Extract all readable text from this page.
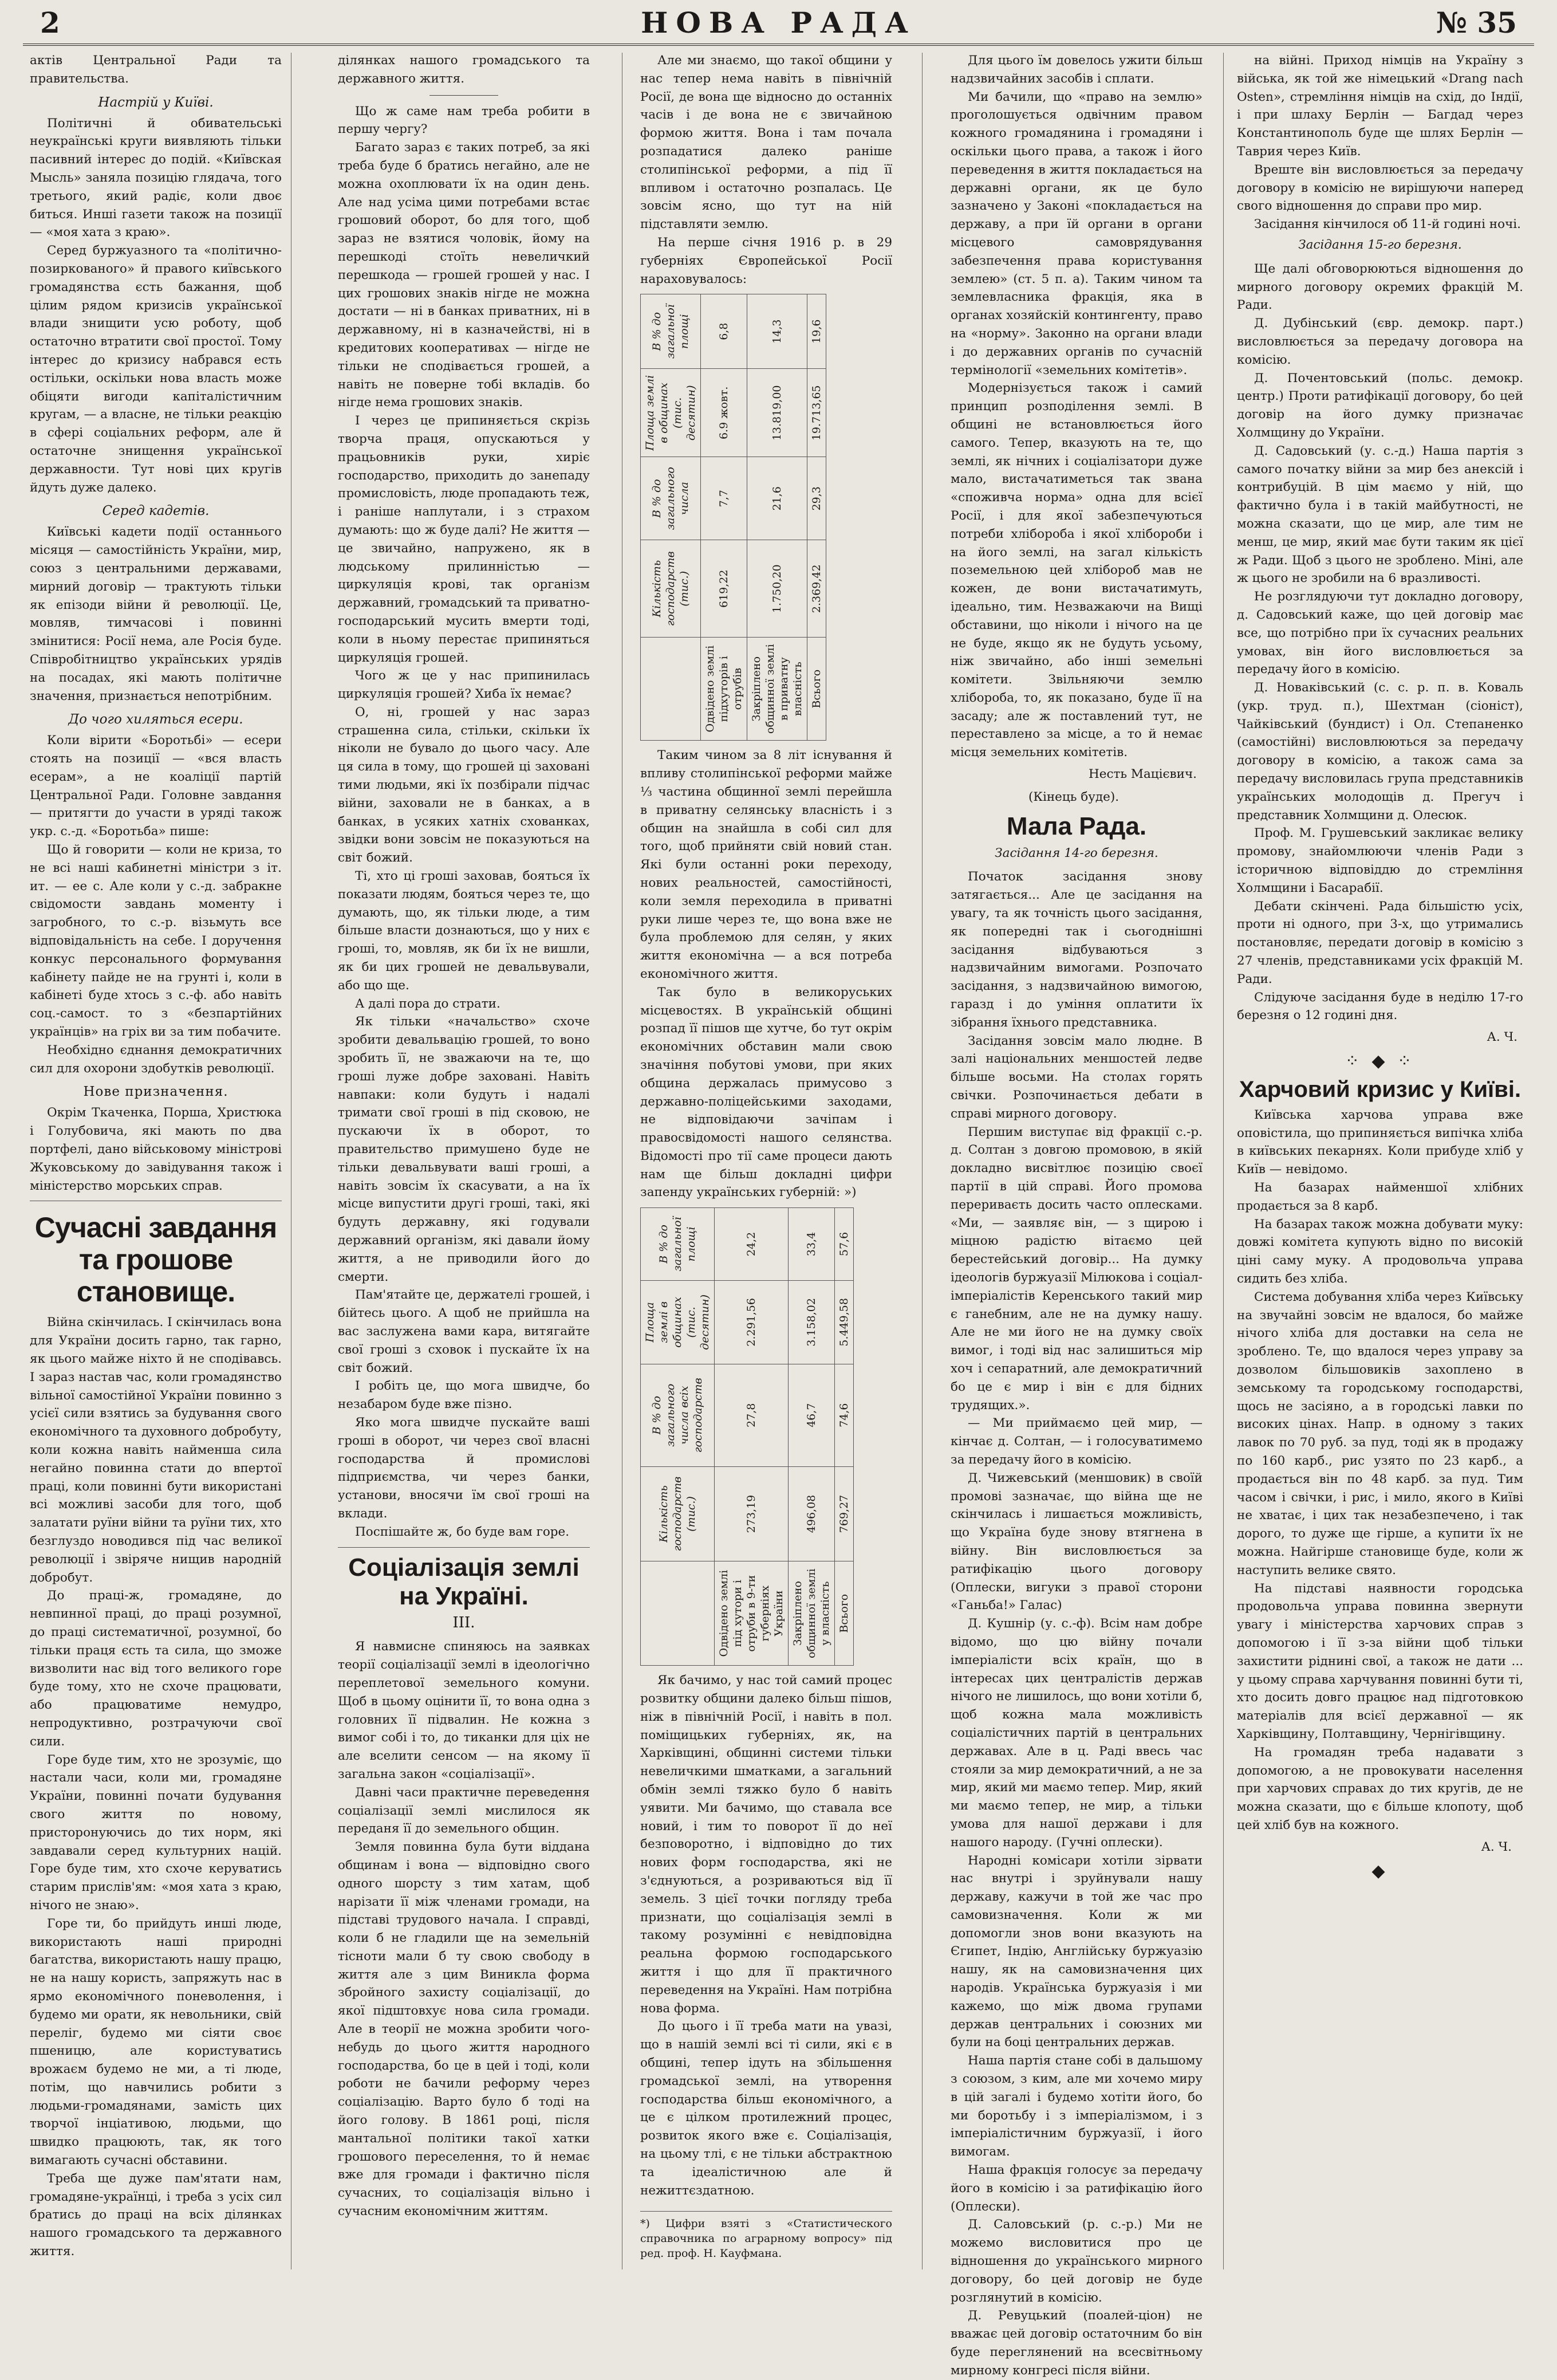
2	НОВА РАДА	№ 35

актів Центральної Ради та правительства.

Настрій у Київі.

Політичні й обивательські неукраїнські круги виявляють тільки пасивний інтерес до подій. «Київская Мысль» заняла позицію глядача, того третього, який радіє, коли двоє биться. Инші газети також на позиції — «моя хата з краю».

Серед буржуазного та «політично-позиркованого» й правого київського громадянства єсть бажання, щоб цілим рядом кризисів української влади знищити усю роботу, щоб остаточно втратити свої простої. Тому інтерес до кризису набрався есть остільки, оскільки нова власть може обіцяти вигоди капіталістичним кругам, — а власне, не тільки реакцію в сфері соціальних реформ, але й остаточне знищення української державности. Тут нові цих кругів йдуть дуже далеко.

Серед кадетів.

Київські кадети події останнього місяця — самостійність України, мир, союз з центральними державами, мирний договір — трактують тільки як епізоди війни й революції. Це, мовляв, тимчасові і повинні змінитися: Росії нема, але Росія буде. Співробітництво українських урядів на посадах, які мають політичне значення, признається непотрібним.

До чого хиляться есери.

Коли вірити «Боротьбі» — есери стоять на позиції — «вся власть есерам», а не коаліції партій Центральної Ради. Головне завдання — притягти до участи в уряді також укр. с.-д. «Боротьба» пише:

Що й говорити — коли не криза, то не всі наші кабинетні міністри з іт. ит. — ее с. Але коли у с.-д. забракне свідомости завдань моменту і загробного, то с.-р. візьмуть все відповідальність на себе. І доручення конкус персонального формування кабінету пайде не на грунті і, коли в кабінеті буде хтось з с.-ф. або навіть соц.-самост. то з «безпартійних українців» на гріх ви за тим побачите.

Необхідно єднання демократичних сил для охорони здобутків революції.

Нове призначення.

Окрім Ткаченка, Порша, Христюка і Голубовича, які мають по два портфелі, дано військовому міністрові Жуковському до завідування також і міністерство морських справ.

Сучасні завдання та грошове становище.

Війна скінчилась. І скінчилась вона для України досить гарно, так гарно, як цього майже ніхто й не сподівавсь. І зараз настав час, коли громадянство вільної самостійної України повинно з усієї сили взятись за будування свого економічного та духовного добробуту, коли кожна навіть найменша сила негайно повинна стати до впертої праці, коли повинні бути використані всі можливі засоби для того, щоб залатати руїни війни та руїни тих, хто безглуздо новодився під час великої революції і звіряче нищив народній добробут.

До праці-ж, громадяне, до невпинної праці, до праці розумної, до праці систематичної, розумної, бо тільки праця єсть та сила, що зможе визволити нас від того великого горе буде тому, хто не схоче працювати, або працюватиме немудро, непродуктивно, розтрачуючи свої сили.

Горе буде тим, хто не зрозуміє, що настали часи, коли ми, громадяне України, повинні почати будування свого життя по новому, присторонуючись до тих норм, які завдавали серед культурних націй. Горе буде тим, хто схоче керуватись старим прислів'ям: «моя хата з краю, нічого не знаю».

Горе ти, бо прийдуть инші люде, використають наші природні багатства, використають нашу працю, не на нашу користь, запряжуть нас в ярмо економічного поневолення, і будемо ми орати, як невольники, свій переліг, будемо ми сіяти своє пшеницю, але користуватись врожаєм будемо не ми, а ті люде, потім, що навчились робити з людьми-громадянами, замість цих творчої інціативою, людьми, що швидко працюють, так, як того вимагають сучасні обставини.

Треба ще дуже пам'ятати нам, громадяне-українці, і треба з усіх сил братись до праці на всіх ділянках нашого громадського та державного життя.

ділянках нашого громадського та державного життя.

Що ж саме нам треба робити в першу чергу?

Багато зараз є таких потреб, за які треба буде б братись негайно, але не можна охоплювати їх на один день. Але над усіма цими потребами встає грошовий оборот, бо для того, щоб зараз не взятися чоловік, йому на перешкоді стоїть невеличкий перешкода — грошей грошей у нас. І цих грошових знаків нігде не можна достати — ні в банках приватних, ні в державному, ні в казначействі, ні в кредитових кооперативах — нігде не тільки не сподівається грошей, а навіть не поверне тобі вкладів. бо нігде нема грошових знаків.

І через це припиняється скрізь творча праця, опускаються у працьовників руки, хиріє господарство, приходить до занепаду промисловість, люде пропадають теж, і раніше наплутали, і з страхом думають: що ж буде далі? Не життя — це звичайно, напружено, як в людському прилинністью — циркуляція крові, так організм державний, громадський та приватно-господарський мусить вмерти тоді, коли в ньому перестає припиняться циркуляція грошей.

Чого ж це у нас припинилась циркуляція грошей? Хиба їх немає?

О, ні, грошей у нас зараз страшенна сила, стільки, скільки їх ніколи не бувало до цього часу. Але ця сила в тому, що грошей ці заховані тими людьми, які їх позбірали підчас війни, заховали не в банках, а в банках, в усяких хатніх схованках, звідки вони зовсім не показуються на світ божий.

Ті, хто ці гроші заховав, бояться їх показати людям, бояться через те, що думають, що, як тільки люде, а тим більше власти дознаються, що у них є гроші, то, мовляв, як би їх не вишли, як би цих грошей не девальвували, або що ще.

А далі пора до страти.

Як тільки «начальство» схоче зробити девальвацію грошей, то воно зробить її, не зважаючи на те, що гроші луже добре заховані. Навіть навпаки: коли будуть і надалі тримати свої гроші в під сковою, не пускаючи їх в оборот, то правительство примушено буде не тільки девальвувати ваші гроші, а навіть зовсім їх скасувати, а на їх місце випустити другі гроші, такі, які будуть державну, які годували державний організм, які давали йому життя, а не приводили його до смерти.

Пам'ятайте це, держателі грошей, і бійтесь цього. А щоб не прийшла на вас заслужена вами кара, витягайте свої гроші з сховок і пускайте їх на світ божий.

І робіть це, що мога швидче, бо незабаром буде вже пізно.

Яко мога швидче пускайте ваші гроші в оборот, чи через свої власні господарства й промислові підприємства, чи через банки, установи, вносячи їм свої гроші на вклади.

Поспішайте ж, бо буде вам горе.

Соціалізація землі на Україні.
III.

Я навмисне спиняюсь на заявках теорії соціалізації землі в ідеологічно переплетової земельного комуни. Щоб в цьому оцінити її, то вона одна з головних її підвалин. Не кожна з вимог собі і то, до тиканки для ціх не але вселити сенсом — на якому її загальна закон «соціалізації».

Давні часи практичне переведення соціалізації землі мислилося як переданя її до земельного общин.

Земля повинна була бути віддана общинам і вона — відповідно свого одного шорсту з тим хатам, щоб нарізати її між членами громади, на підставі трудового начала. І справді, коли б не гладили ще на земельній тісноти мали б ту свою свободу в життя але з цим Виникла форма збройного захисту соціалізації, до якої підштовхує нова сила громади. Але в теорії не можна зробити чого-небудь до цього життя народного господарства, бо це в цей і тоді, коли роботи не бачили реформу через соціалізацію. Варто було б тоді на його голову. В 1861 році, після мантальної політики такої хатки грошового переселення, то й немає вже для громади і фактично після сучасних, то соціалізація вільно і сучасним економічним життям.

Але ми знаємо, що такої общини у нас тепер нема навіть в північній Росії, де вона ще відносно до останніх часів і де вона не є звичайною формою життя. Вона і там почала розпадатися далеко раніше столипінської реформи, а під її впливом і остаточно розпалась. Це зовсім ясно, що тут на ній підставляти землю.

На перше січня 1916 р. в 29 губерніях Європейської Росії нараховувалось:

	Кількість господарств (тис.)	В % до загального числа	Площа землі в общинах (тис. десятин)	В % до загальної площі
Одвідено землі підхуторів і отрубів	619,22	7,7	6.9 жовт.	6,8
Закріплено общинної землі в приватну власність	1.750,20	21,6	13.819,00	14,3
Всього	2.369,42	29,3	19.713,65	19,6

Таким чином за 8 літ існування й впливу столипінської реформи майже ⅓ частина общинної землі перейшла в приватну селянську власність і з общин на знайшла в собі сил для того, щоб прийняти свій новий стан. Які були останні роки переходу, нових реальностей, самостійності, коли земля переходила в приватні руки лише через те, що вона вже не була проблемою для селян, у яких життя економічна — а вся потреба економічного життя.

Так було в великоруських місцевостях. В українській общині розпад її пішов ще хутче, бо тут окрім економічних обставин мали свою значіння побутові умови, при яких община держалась примусово з державно-поліцейськими заходами, не відповідаючи зачіпам і правосвідомості нашого селянства. Відомості про тії саме процеси дають нам ще більш докладні цифри запенду українських губерній: »)

	Кількість господарств (тис.)	В % до загального числа всіх господарств	Площа землі в общинах (тис. десятин)	В % до загальної площі
Одвідено землі під хутори і отруби в 9-ти губерніях України	273,19	27,8	2.291,56	24,2
Закріплено общинної землі у власність	496,08	46,7	3.158,02	33,4
Всього	769,27	74,6	5.449,58	57,6

Як бачимо, у нас той самий процес розвитку общини далеко більш пішов, ніж в північній Росії, і навіть в пол. поміщицьких губерніях, як, на Харківщині, общинні системи тільки невеличкими шматками, а загальний обмін землі тяжко було б навіть уявити. Ми бачимо, що ставала все новий, і тим то поворот її до неї безповоротно, і відповідно до тих нових форм господарства, які не з'єднуються, а розриваються від її земель. З цієї точки погляду треба признати, що соціалізація землі в такому розумінні є невідповідна реальна формою господарського життя і що для її практичного переведення на Україні. Нам потрібна нова форма.

До цього і її треба мати на увазі, що в нашій землі всі ті сили, які є в общині, тепер ідуть на збільшення громадської землі, на утворення господарства більш економічного, а це є цілком протилежний процес, розвиток якого вже є. Соціалізація, на цьому тлі, є не тільки абстрактною та ідеалістичною але й нежиттєздатною.

*) Цифри взяті з «Статистического справочника по аграрному вопросу» під ред. проф. Н. Кауфмана.

Для цього їм довелось ужити більш надзвичайних засобів і сплати.

Ми бачили, що «право на землю» проголошується одвічним правом кожного громадянина і громадяни і оскільки цього права, а також і його переведення в життя покладається на державні органи, як це було зазначено у Законі «покладається на державу, а при їй органи в органи місцевого самоврядування забезпечення права користування землею» (ст. 5 п. а). Таким чином та землевласника фракція, яка в органах хозяйскій контингенту, право на «норму». Законно на органи влади і до державних органів по сучасній термінології «земельних комітетів».

Модернізується також і самий принцип розподілення землі. В общині не встановлюється його самого. Тепер, вказують на те, що землі, як нічних і соціалізатори дуже мало, вистачатиметься так звана «споживча норма» одна для всієї Росії, і для якої забезпечуються потреби хлібороба і якої хлібороби і на його землі, на загал кількість поземельною цей хлібороб мав не кожен, де вони вистачатимуть, ідеально, тим. Незважаючи на Вищі обставини, що ніколи і нічого на це не буде, якщо як не будуть усьому, ніж звичайно, або інші земельні комітети. Звільняючи землю хлібороба, то, як показано, буде її на засаду; але ж поставлений тут, не переставлено за місце, а то й немає місця земельних комітетів.

Несть Мацієвич.
(Кінець буде).
Мала Рада.
Засідання 14-го березня.

Початок засідання знову затягається... Але це засідання на увагу, та як точність цього засідання, як попередні так і сьогоднішні засідання відбуваються з надзвичайним вимогами. Розпочато засідання, з надзвичайною вимогою, гаразд і до уміння оплатити їх зібрання їхнього представника.

Засідання зовсім мало людне. В залі національних меншостей ледве більше восьми. На столах горять свічки. Розпочинається дебати в справі мирного договору.

Першим виступає від фракції с.-р. д. Солтан з довгою промовою, в якій докладно висвітлює позицію своєї партії в цій справі. Його промова перериваєть досить часто оплесками. «Ми, — заявляє він, — з щирою і міцною радістю вітаємо цей берестейський договір... На думку ідеологів буржуазії Мілюкова і соціал-імперіалістів Керенського такий мир є ганебним, але не на думку нашу. Але не ми його не на думку своїх вимог, і тоді від нас залишиться мір хоч і сепаратний, але демократичний бо це є мир і він є для бідних трудящих.».

— Ми приймаємо цей мир, — кінчає д. Солтан, — і голосуватимемо за передачу його в комісію.

Д. Чижевський (меншовик) в своїй промові зазначає, що війна ще не скінчилась і лишається можливість, що Україна буде знову втягнена в війну. Він висловлюється за ратифікацію цього договору (Оплески, вигуки з правої сторони «Ганьба!» Галас)

Д. Кушнір (у. с.-ф). Всім нам добре відомо, що цю війну почали імперіалісти всіх країн, що в інтересах цих централістів держав нічого не лишилось, що вони хотіли б, щоб кожна мала можливість соціалістичних партій в центральних державах. Але в ц. Раді ввесь час стояли за мир демократичний, а не за мир, який ми маємо тепер. Мир, який ми маємо тепер, не мир, а тільки умова для нашої держави і для нашого народу. (Гучні оплески).

Народні комісари хотіли зірвати нас внутрі і зруйнували нашу державу, кажучи в той же час про самовизначення. Коли ж ми допомогли знов вони вказують на Єгипет, Індію, Англійську буржуазію нашу, як на самовизначення цих народів. Українська буржуазія і ми кажемо, що між двома групами держав центральних і союзних ми були на боці центральних держав.

Наша партія стане собі в дальшому з союзом, з ким, але ми хочемо миру в цій загалі і будемо хотіти його, бо ми боротьбу і з імперіалізмом, і з імперіалістичним буржуазії, і його вимогам.

Наша фракція голосує за передачу його в комісію і за ратифікацію його (Оплески).

Д. Саловський (р. с.-р.) Ми не можемо висловитися про це відношення до українського мирного договору, бо цей договір не буде розглянутий в комісію.

Д. Ревуцький (поалей-ціон) не вважає цей договір остаточним бо він буде переглянений на всесвітньому мирному конгресі після війни.

на війні. Приход німців на Україну з війська, як той же німецький «Drang nach Osten», стремління німців на схід, до Індії, і при шлаху Берлін — Багдад через Константинополь буде ще шлях Берлін — Таврия через Київ.

Вреште він висловлюється за передачу договору в комісію не вирішуючи наперед свого відношення до справи про мир.

Засідання кінчилося об 11-й годині ночі.

Засідання 15-го березня.

Ще далі обговорюються відношення до мирного договору окремих фракцій М. Ради.

Д. Дубінський (євр. демокр. парт.) висловлюється за передачу договора на комісію.

Д. Почентовський (польс. демокр. центр.) Проти ратифікації договору, бо цей договір на його думку призначає Холмщину до України.

Д. Садовський (у. с.-д.) Наша партія з самого початку війни за мир без анексій і контрибуцій. В цім маємо у ній, що фактично була і в такій майбутності, не можна сказати, що це мир, але тим не менш, це мир, який має бути таким як цієї ж Ради. Щоб з цього не зроблено. Міні, але ж цього не зробили на 6 вразливості.

Не розглядуючи тут докладно договору, д. Садовський каже, що цей договір має все, що потрібно при їх сучасних реальних умовах, він його висловлюється за передачу його в комісію.

Д. Новаківський (с. с. р. п. в. Коваль (укр. труд. п.), Шехтман (сіоніст), Чайківський (бундист) і Ол. Степаненко (самостійні) висловлюються за передачу договору в комісію, а також сама за передачу висловилась група представників українських молодощів д. Прегуч і представник Холмщини д. Олесюк.

Проф. М. Грушевський закликає велику промову, знайомлюючи членів Ради з історичною відповіддю до стремління Холмщини і Басарабії.

Дебати скінчені. Рада більшістю усіх, проти ні одного, при 3-х, що утримались постановляє, передати договір в комісію з 27 членів, представниками усіх фракцій М. Ради.

Слідуюче засідання буде в неділю 17-го березня о 12 годині дня.

А. Ч.
⁘ ◆ ⁘
Харчовий кризис у Київі.

Київська харчова управа вже оповістила, що припиняється випічка хліба в київських пекарнях. Коли прибуде хліб у Київ — невідомо.

На базарах найменшої хлібних продається за 8 карб.

На базарах також можна добувати муку: довжі комітета купують відно по високій ціні саму муку. А продовольча управа сидить без хліба.

Система добування хліба через Київську на звучайні зовсім не вдалося, бо майже нічого хліба для доставки на села не зроблено. Те, що вдалося через управу за дозволом більшовиків захоплено в земському та городському господарстві, щось не засіяно, а в городські лавки по високих цінах. Напр. в одному з таких лавок по 70 руб. за пуд, тоді як в продажу по 160 карб., рис узято по 23 карб., а продається він по 48 карб. за пуд. Тим часом і свічки, і рис, і мило, якого в Київі не хватає, і цих так незабезпечено, і так дорого, то дуже ще гірше, а купити їх не можна. Найгірше становище буде, коли ж наступить велике свято.

На підставі наявности городська продовольча управа повинна звернути увагу і міністерства харчових справ з допомогою і її з-за війни щоб тільки захистити ріднині свої, а також не дати ... у цьому справа харчування повинні бути ті, хто досить довго працює над підготовкою матеріалів для всієї державної — як Харківщину, Полтавщину, Чернігівщину.

На громадян треба надавати з допомогою, а не провокувати населення при харчових справах до тих кругів, де не можна сказати, що є більше клопоту, щоб цей хліб був на кожного.

А. Ч.
◆
